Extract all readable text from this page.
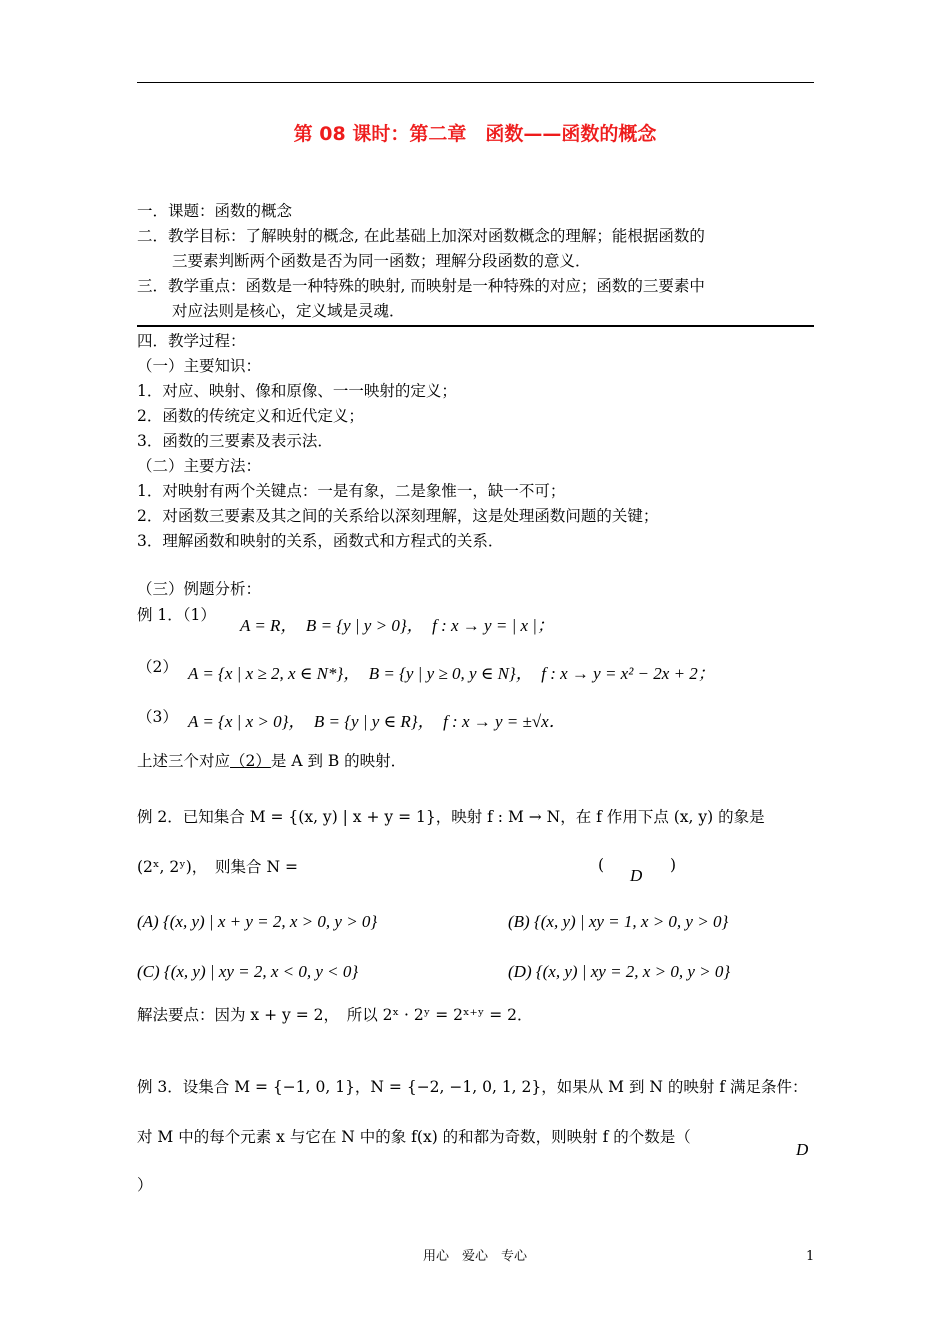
第 08 课时：第二章　函数——函数的概念
一．课题：函数的概念
二．教学目标：了解映射的概念, 在此基础上加深对函数概念的理解；能根据函数的
三要素判断两个函数是否为同一函数；理解分段函数的意义．
三．教学重点：函数是一种特殊的映射, 而映射是一种特殊的对应；函数的三要素中
对应法则是核心，定义域是灵魂．
四．教学过程：
（一）主要知识：
1．对应、映射、像和原像、一一映射的定义；
2．函数的传统定义和近代定义；
3．函数的三要素及表示法．
（二）主要方法：
1．对映射有两个关键点：一是有象，二是象惟一，缺一不可；
2．对函数三要素及其之间的关系给以深刻理解，这是处理函数问题的关键；
3．理解函数和映射的关系，函数式和方程式的关系．
（三）例题分析：
例 1．（1）
A = R，　B = {y | y > 0}，　f : x → y = | x |；
（2） A = {x | x ≥ 2, x ∈ N*}，　B = {y | y ≥ 0, y ∈ N}，　f : x → y = x² − 2x + 2；
（3） A = {x | x > 0}，　B = {y | y ∈ R}，　f : x → y = ±√x．
上述三个对应（2）是 A 到 B 的映射．
例 2．已知集合 M = {(x, y) | x + y = 1}，映射 f : M → N，在 f 作用下点 (x, y) 的象是
(2ˣ, 2ʸ)，　则集合 N =	(
D
)
(A) {(x, y) | x + y = 2, x > 0, y > 0}	(B) {(x, y) | xy = 1, x > 0, y > 0}
(C) {(x, y) | xy = 2, x < 0, y < 0}	(D) {(x, y) | xy = 2, x > 0, y > 0}
解法要点：因为 x + y = 2，　所以 2ˣ · 2ʸ = 2ˣ⁺ʸ = 2．
例 3．设集合 M = {−1, 0, 1}，N = {−2, −1, 0, 1, 2}，如果从 M 到 N 的映射 f 满足条件：
对 M 中的每个元素 x 与它在 N 中的象 f(x) 的和都为奇数，则映射 f 的个数是（
D
）
用心　爱心　专心	1
